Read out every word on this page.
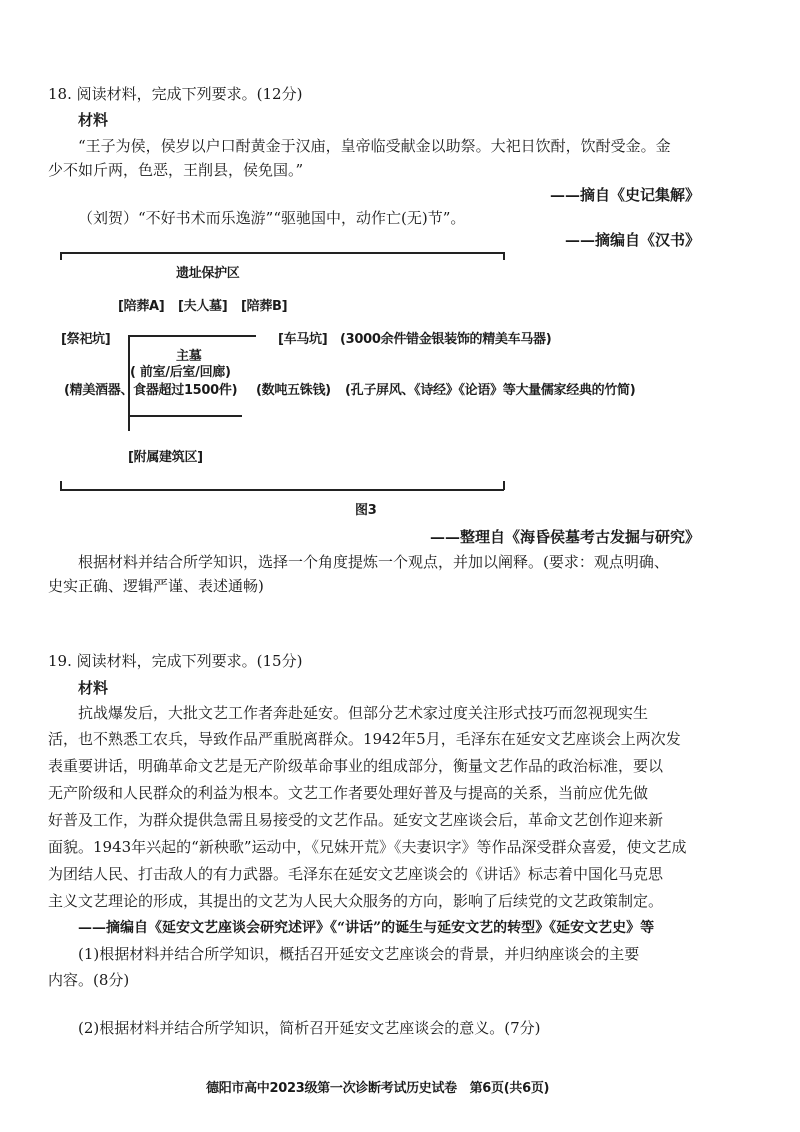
18. 阅读材料，完成下列要求。(12分)
材料
“王子为侯，侯岁以户口酎黄金于汉庙，皇帝临受献金以助祭。大祀日饮酎，饮酎受金。金
少不如斤两，色恶，王削县，侯免国。”
——摘自《史记集解》
（刘贺）“不好书术而乐逸游”“驱驰国中，动作亡(无)节”。
——摘编自《汉书》
遗址保护区
[陪葬A] [夫人墓] [陪葬B]
[祭祀坑]	[车马坑] (3000余件错金银装饰的精美车马器)
主墓
( 前室/后室/回廊)
(精美酒器、食器超过1500件) (数吨五铢钱) (孔子屏风、《诗经》《论语》等大量儒家经典的竹简)
[附属建筑区]
图3
——整理自《海昏侯墓考古发掘与研究》
根据材料并结合所学知识，选择一个角度提炼一个观点，并加以阐释。(要求：观点明确、
史实正确、逻辑严谨、表述通畅)
19. 阅读材料，完成下列要求。(15分)
材料
抗战爆发后，大批文艺工作者奔赴延安。但部分艺术家过度关注形式技巧而忽视现实生
活，也不熟悉工农兵，导致作品严重脱离群众。1942年5月，毛泽东在延安文艺座谈会上两次发
表重要讲话，明确革命文艺是无产阶级革命事业的组成部分，衡量文艺作品的政治标准，要以
无产阶级和人民群众的利益为根本。文艺工作者要处理好普及与提高的关系，当前应优先做
好普及工作，为群众提供急需且易接受的文艺作品。延安文艺座谈会后，革命文艺创作迎来新
面貌。1943年兴起的“新秧歌”运动中，《兄妹开荒》《夫妻识字》等作品深受群众喜爱，使文艺成
为团结人民、打击敌人的有力武器。毛泽东在延安文艺座谈会的《讲话》标志着中国化马克思
主义文艺理论的形成，其提出的文艺为人民大众服务的方向，影响了后续党的文艺政策制定。
——摘编自《延安文艺座谈会研究述评》《“讲话”的诞生与延安文艺的转型》《延安文艺史》等
(1)根据材料并结合所学知识，概括召开延安文艺座谈会的背景，并归纳座谈会的主要
内容。(8分)
(2)根据材料并结合所学知识，简析召开延安文艺座谈会的意义。(7分)
德阳市高中2023级第一次诊断考试历史试卷　第6页(共6页)
